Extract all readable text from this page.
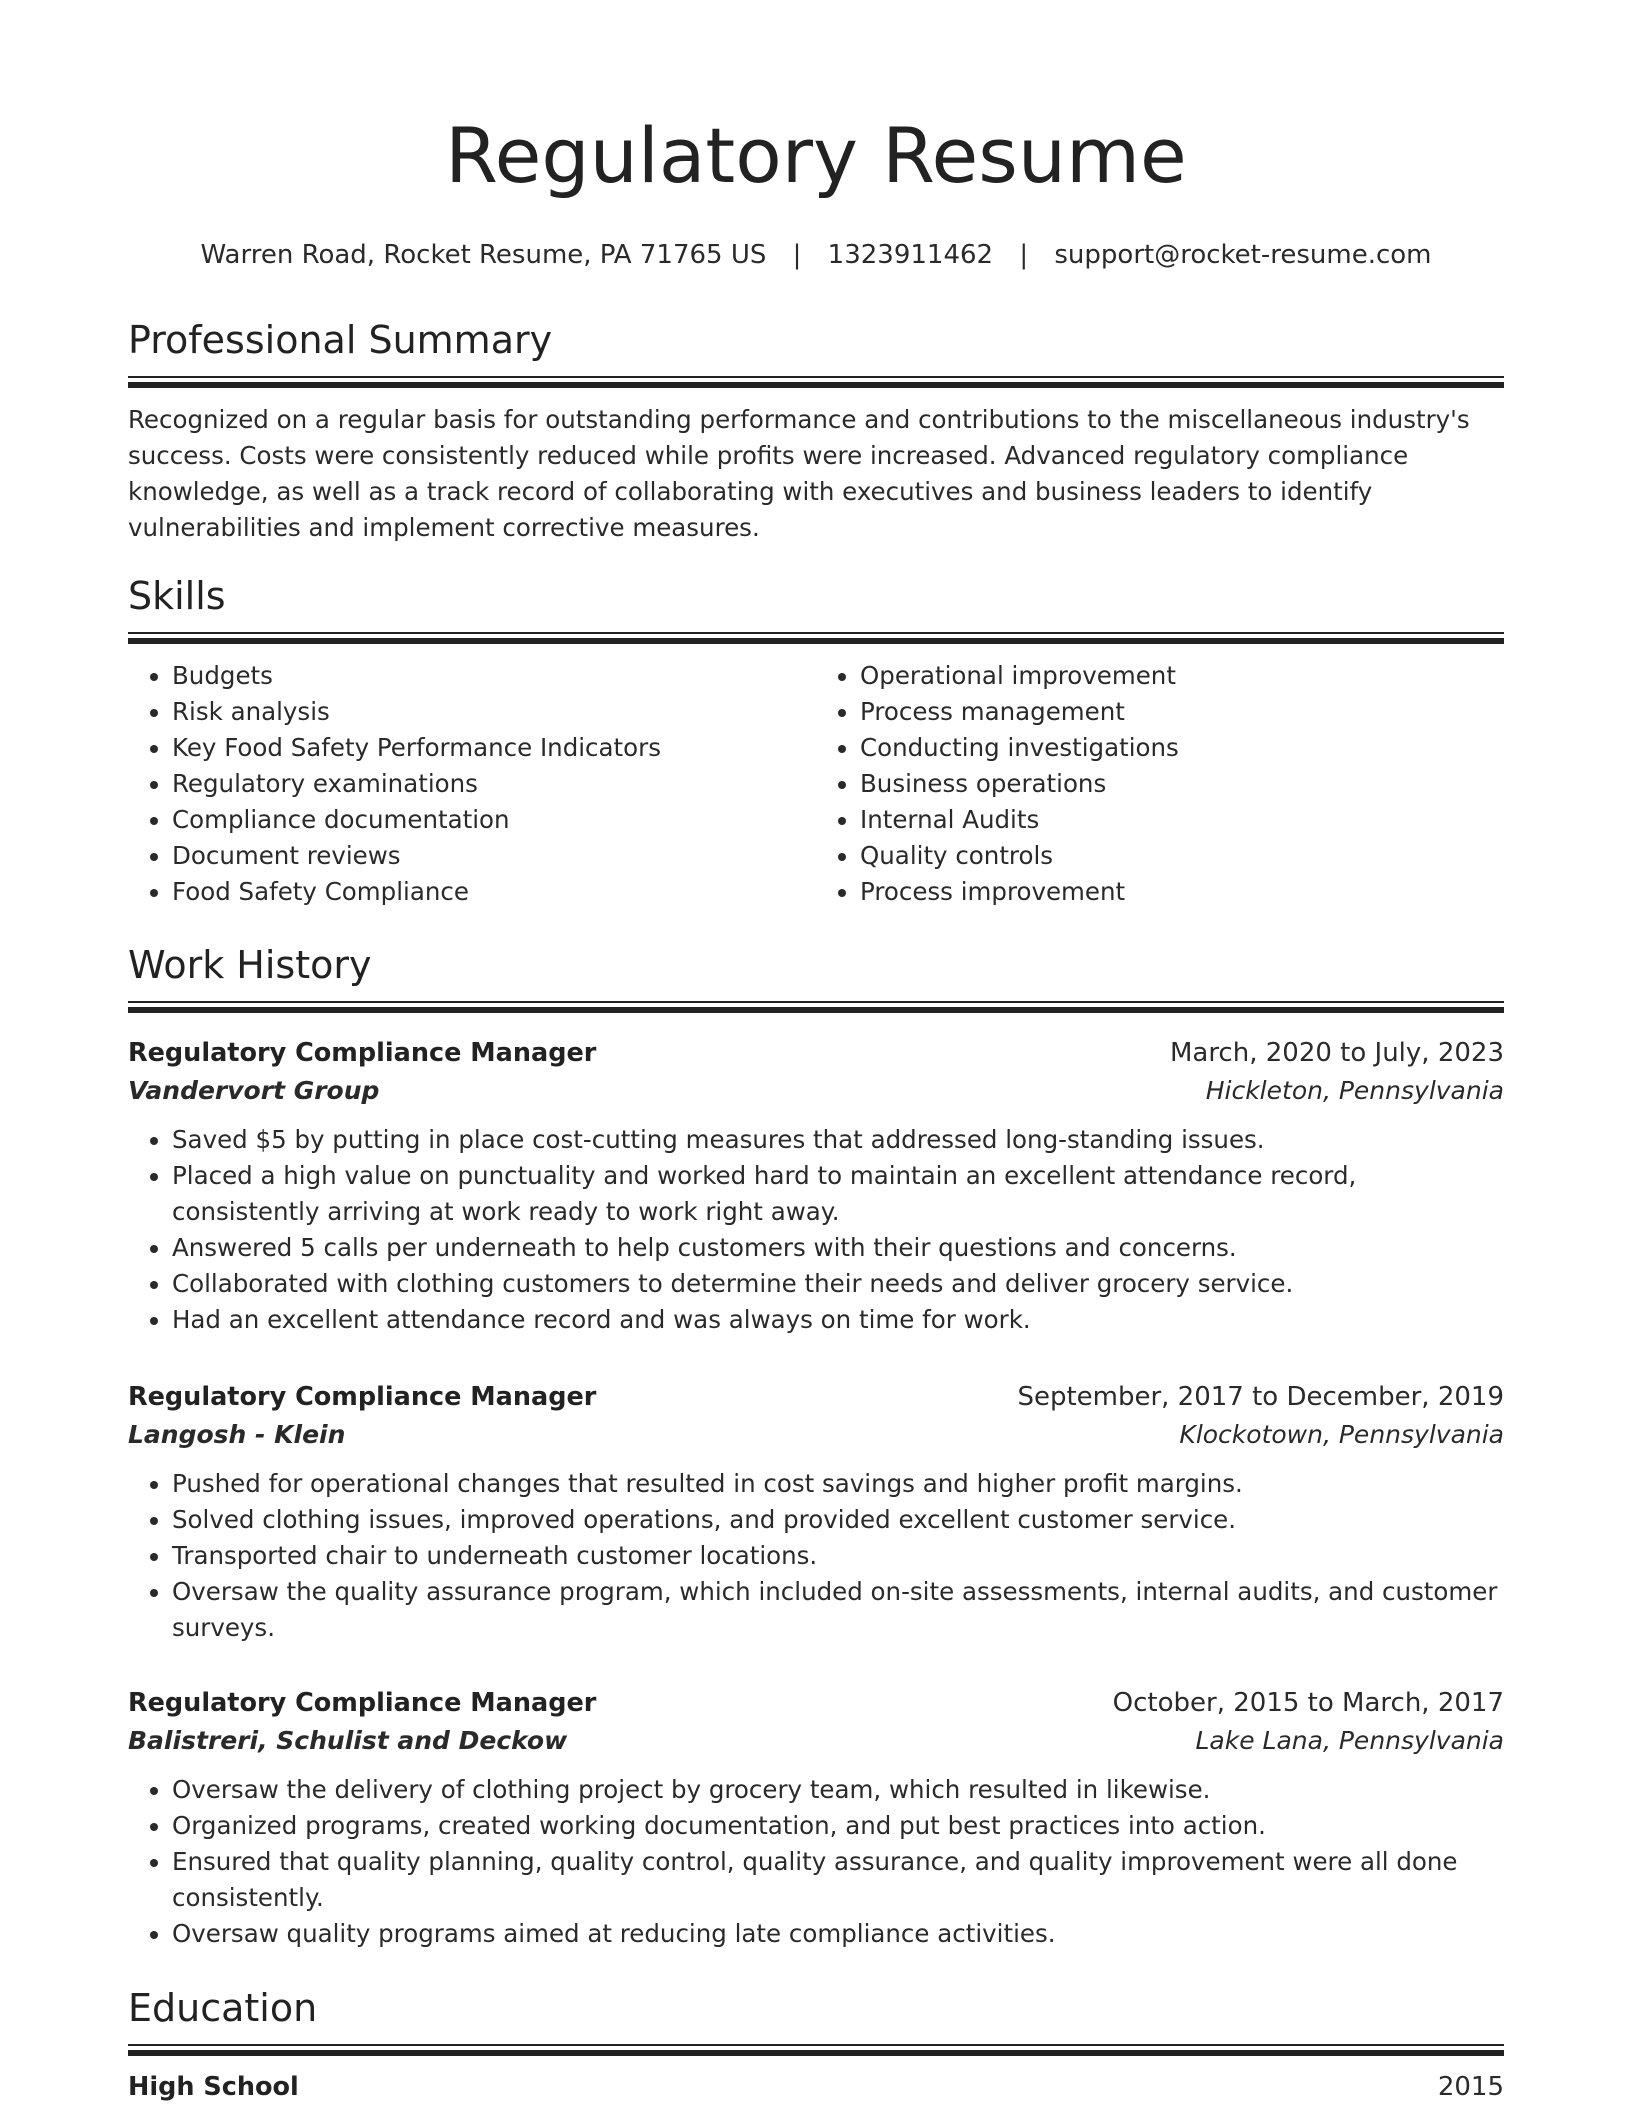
Regulatory Resume
Warren Road, Rocket Resume, PA 71765 US | 1323911462 | support@rocket-resume.com
Professional Summary

Recognized on a regular basis for outstanding performance and contributions to the miscellaneous industry's success. Costs were consistently reduced while profits were increased. Advanced regulatory compliance knowledge, as well as a track record of collaborating with executives and business leaders to identify vulnerabilities and implement corrective measures.

Skills
• Budgets
• Risk analysis
• Key Food Safety Performance Indicators
• Regulatory examinations
• Compliance documentation
• Document reviews
• Food Safety Compliance
• Operational improvement
• Process management
• Conducting investigations
• Business operations
• Internal Audits
• Quality controls
• Process improvement
Work History
Regulatory Compliance Manager	March, 2020 to July, 2023
Vandervort Group	Hickleton, Pennsylvania
• Saved $5 by putting in place cost-cutting measures that addressed long-standing issues.
• Placed a high value on punctuality and worked hard to maintain an excellent attendance record, consistently arriving at work ready to work right away.
• Answered 5 calls per underneath to help customers with their questions and concerns.
• Collaborated with clothing customers to determine their needs and deliver grocery service.
• Had an excellent attendance record and was always on time for work.
Regulatory Compliance Manager	September, 2017 to December, 2019
Langosh - Klein	Klockotown, Pennsylvania
• Pushed for operational changes that resulted in cost savings and higher profit margins.
• Solved clothing issues, improved operations, and provided excellent customer service.
• Transported chair to underneath customer locations.
• Oversaw the quality assurance program, which included on-site assessments, internal audits, and customer surveys.
Regulatory Compliance Manager	October, 2015 to March, 2017
Balistreri, Schulist and Deckow	Lake Lana, Pennsylvania
• Oversaw the delivery of clothing project by grocery team, which resulted in likewise.
• Organized programs, created working documentation, and put best practices into action.
• Ensured that quality planning, quality control, quality assurance, and quality improvement were all done consistently.
• Oversaw quality programs aimed at reducing late compliance activities.
Education
High School	2015
